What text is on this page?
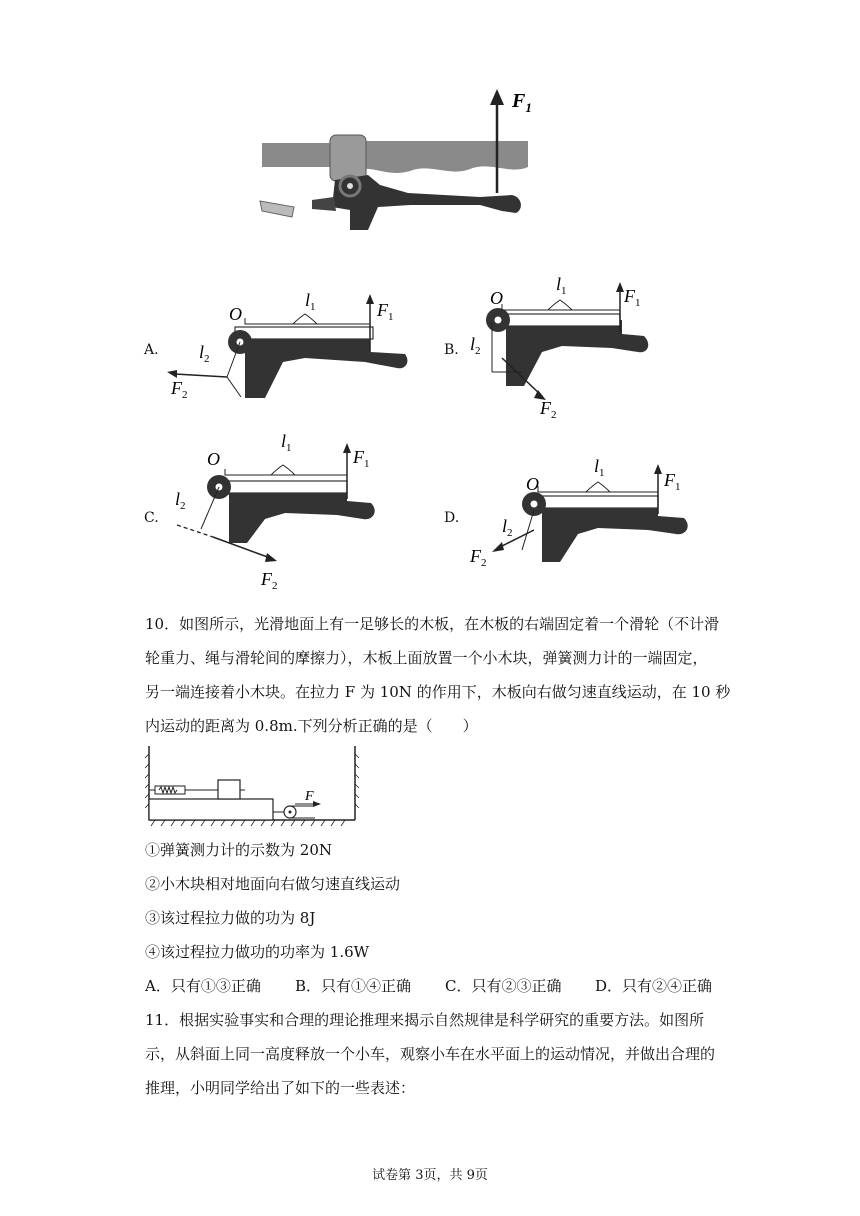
$F_1$
A.
O
$l_1$	$F_1$
$l_2$
$F_2$
B.
O
$l_1$	$F_1$
$l_2$
$F_2$
C.
O
$l_1$	$F_1$
$l_2$
$F_2$
D.
O
$l_1$	$F_1$
$l_2$
$F_2$
10．如图所示，光滑地面上有一足够长的木板，在木板的右端固定着一个滑轮（不计滑
轮重力、绳与滑轮间的摩擦力），木板上面放置一个小木块，弹簧测力计的一端固定，
另一端连接着小木块。在拉力 F 为 10N 的作用下，木板向右做匀速直线运动，在 10 秒
内运动的距离为 0.8m.下列分析正确的是（　　）
F
①弹簧测力计的示数为 20N
②小木块相对地面向右做匀速直线运动
③该过程拉力做的功为 8J
④该过程拉力做功的功率为 1.6W
A．只有①③正确 B．只有①④正确 C．只有②③正确 D．只有②④正确
11．根据实验事实和合理的理论推理来揭示自然规律是科学研究的重要方法。如图所
示，从斜面上同一高度释放一个小车，观察小车在水平面上的运动情况，并做出合理的
推理，小明同学给出了如下的一些表述：
试卷第 3页，共 9页
